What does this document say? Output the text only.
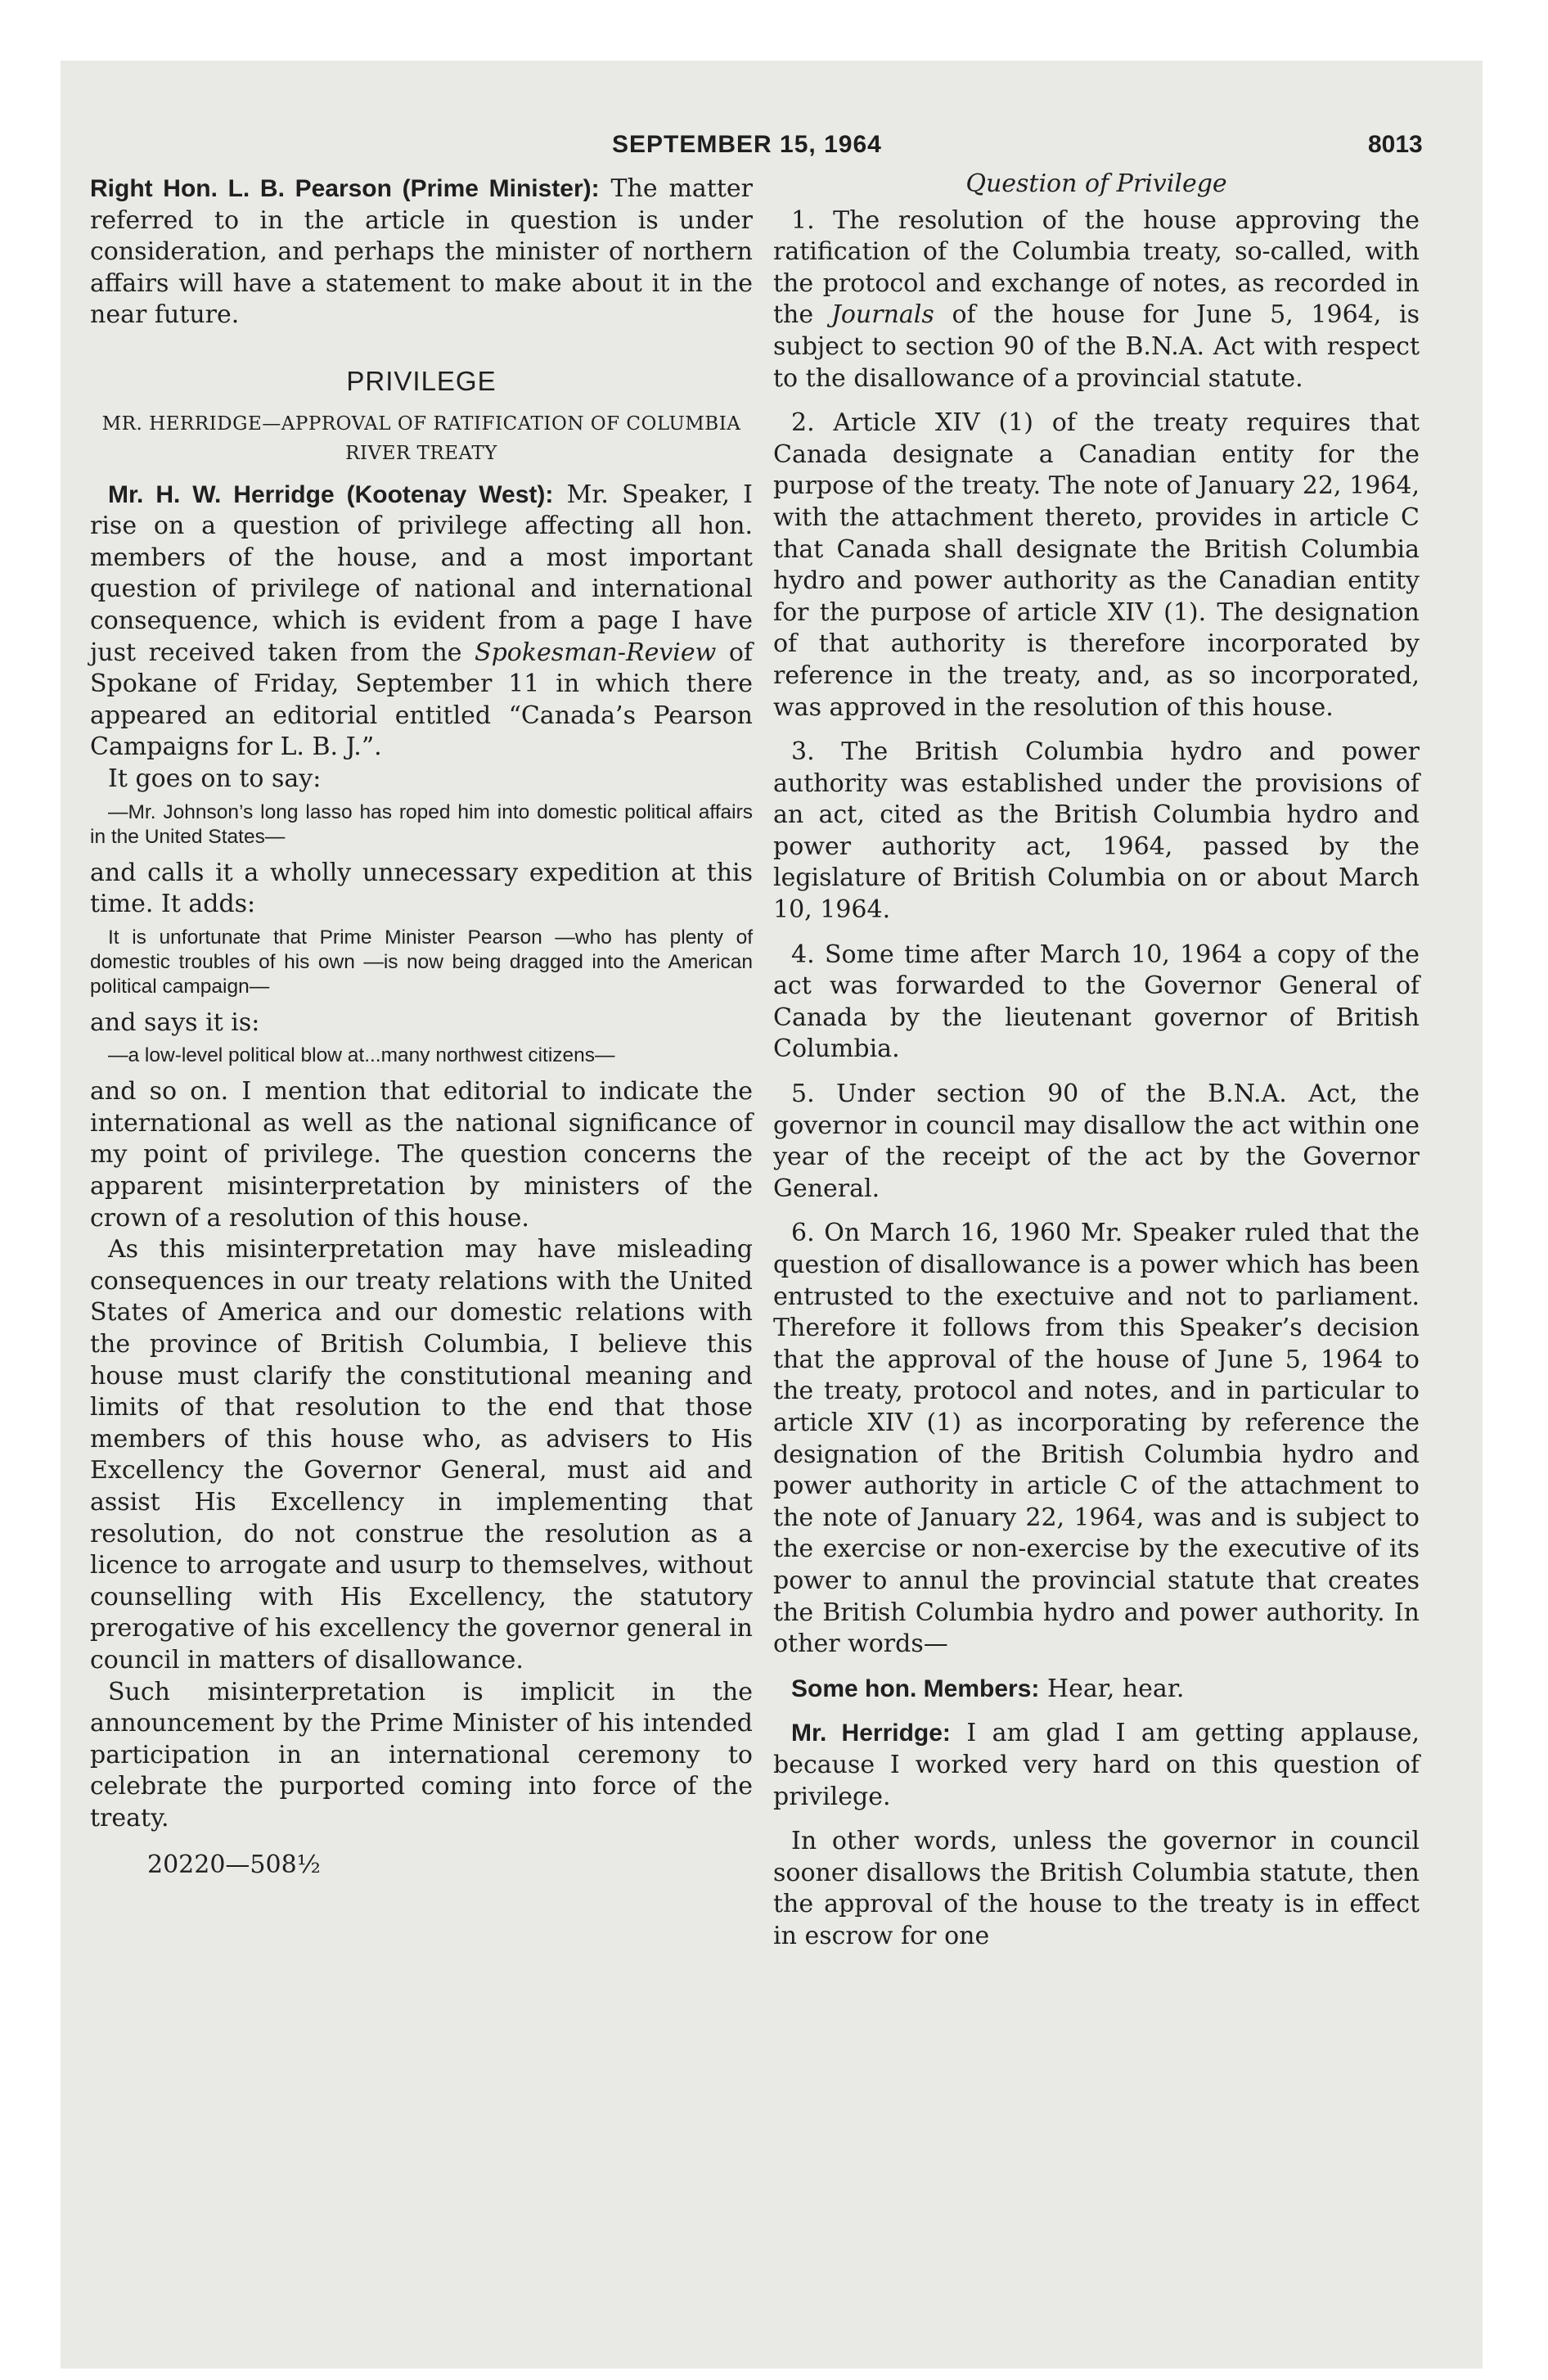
SEPTEMBER 15, 1964	8013

Right Hon. L. B. Pearson (Prime Minister): The matter referred to in the article in question is under consideration, and perhaps the minister of northern affairs will have a statement to make about it in the near future.

PRIVILEGE
MR. HERRIDGE—APPROVAL OF RATIFICATION OF COLUMBIA RIVER TREATY

Mr. H. W. Herridge (Kootenay West): Mr. Speaker, I rise on a question of privilege affecting all hon. members of the house, and a most important question of privilege of national and international consequence, which is evident from a page I have just received taken from the Spokesman-Review of Spokane of Friday, September 11 in which there appeared an editorial entitled “Canada’s Pearson Campaigns for L. B. J.”.

It goes on to say:

—Mr. Johnson’s long lasso has roped him into domestic political affairs in the United States—

and calls it a wholly unnecessary expedition at this time. It adds:

It is unfortunate that Prime Minister Pearson —who has plenty of domestic troubles of his own —is now being dragged into the American political campaign—

and says it is:

—a low-level political blow at...many northwest citizens—

and so on. I mention that editorial to indicate the international as well as the national significance of my point of privilege. The question concerns the apparent misinterpretation by ministers of the crown of a resolution of this house.

As this misinterpretation may have misleading consequences in our treaty relations with the United States of America and our domestic relations with the province of British Columbia, I believe this house must clarify the constitutional meaning and limits of that resolution to the end that those members of this house who, as advisers to His Excellency the Governor General, must aid and assist His Excellency in implementing that resolution, do not construe the resolution as a licence to arrogate and usurp to themselves, without counselling with His Excellency, the statutory prerogative of his excellency the governor general in council in matters of disallowance.

Such misinterpretation is implicit in the announcement by the Prime Minister of his intended participation in an international ceremony to celebrate the purported coming into force of the treaty.

20220—508½

Question of Privilege

1. The resolution of the house approving the ratification of the Columbia treaty, so-called, with the protocol and exchange of notes, as recorded in the Journals of the house for June 5, 1964, is subject to section 90 of the B.N.A. Act with respect to the disallowance of a provincial statute.

2. Article XIV (1) of the treaty requires that Canada designate a Canadian entity for the purpose of the treaty. The note of January 22, 1964, with the attachment thereto, provides in article C that Canada shall designate the British Columbia hydro and power authority as the Canadian entity for the purpose of article XIV (1). The designation of that authority is therefore incorporated by reference in the treaty, and, as so incorporated, was approved in the resolution of this house.

3. The British Columbia hydro and power authority was established under the provisions of an act, cited as the British Columbia hydro and power authority act, 1964, passed by the legislature of British Columbia on or about March 10, 1964.

4. Some time after March 10, 1964 a copy of the act was forwarded to the Governor General of Canada by the lieutenant governor of British Columbia.

5. Under section 90 of the B.N.A. Act, the governor in council may disallow the act within one year of the receipt of the act by the Governor General.

6. On March 16, 1960 Mr. Speaker ruled that the question of disallowance is a power which has been entrusted to the exectuive and not to parliament. Therefore it follows from this Speaker’s decision that the approval of the house of June 5, 1964 to the treaty, protocol and notes, and in particular to article XIV (1) as incorporating by reference the designation of the British Columbia hydro and power authority in article C of the attachment to the note of January 22, 1964, was and is subject to the exercise or non-exercise by the executive of its power to annul the provincial statute that creates the British Columbia hydro and power authority. In other words—

Some hon. Members: Hear, hear.

Mr. Herridge: I am glad I am getting applause, because I worked very hard on this question of privilege.

In other words, unless the governor in council sooner disallows the British Columbia statute, then the approval of the house to the treaty is in effect in escrow for one
